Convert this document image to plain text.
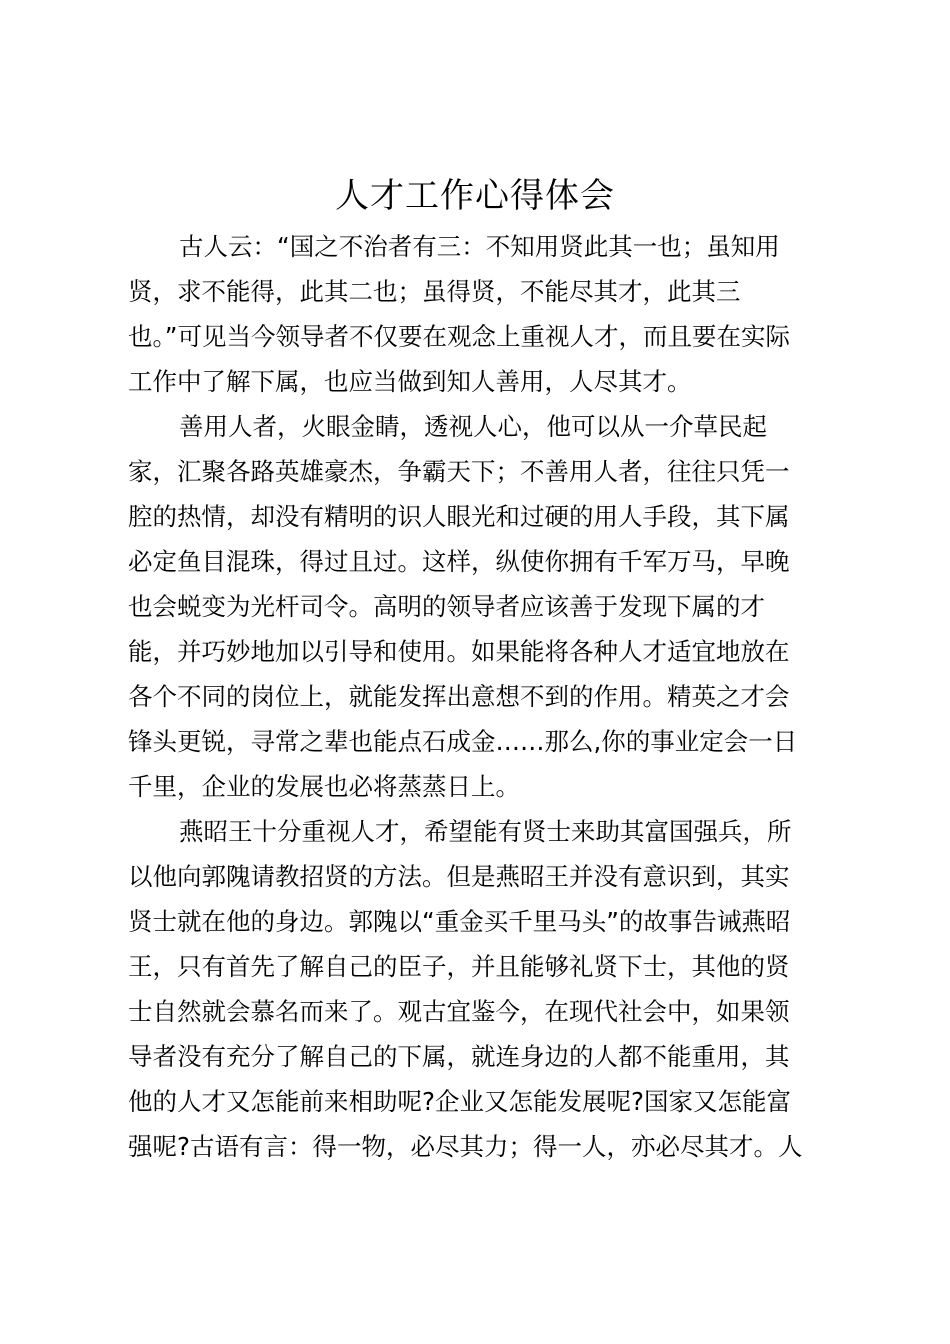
人才工作心得体会
古人云：“国之不治者有三：不知用贤此其一也；虽知用
贤，求不能得，此其二也；虽得贤，不能尽其才，此其三
也。”可见当今领导者不仅要在观念上重视人才，而且要在实际
工作中了解下属，也应当做到知人善用，人尽其才。
善用人者，火眼金睛，透视人心，他可以从一介草民起
家，汇聚各路英雄豪杰，争霸天下；不善用人者，往往只凭一
腔的热情，却没有精明的识人眼光和过硬的用人手段，其下属
必定鱼目混珠，得过且过。这样，纵使你拥有千军万马，早晚
也会蜕变为光杆司令。高明的领导者应该善于发现下属的才
能，并巧妙地加以引导和使用。如果能将各种人才适宜地放在
各个不同的岗位上，就能发挥出意想不到的作用。精英之才会
锋头更锐，寻常之辈也能点石成金……那么,你的事业定会一日
千里，企业的发展也必将蒸蒸日上。
燕昭王十分重视人才，希望能有贤士来助其富国强兵，所
以他向郭隗请教招贤的方法。但是燕昭王并没有意识到，其实
贤士就在他的身边。郭隗以“重金买千里马头”的故事告诫燕昭
王，只有首先了解自己的臣子，并且能够礼贤下士，其他的贤
士自然就会慕名而来了。观古宜鉴今，在现代社会中，如果领
导者没有充分了解自己的下属，就连身边的人都不能重用，其
他的人才又怎能前来相助呢?企业又怎能发展呢?国家又怎能富
强呢?古语有言：得一物，必尽其力；得一人，亦必尽其才。人
